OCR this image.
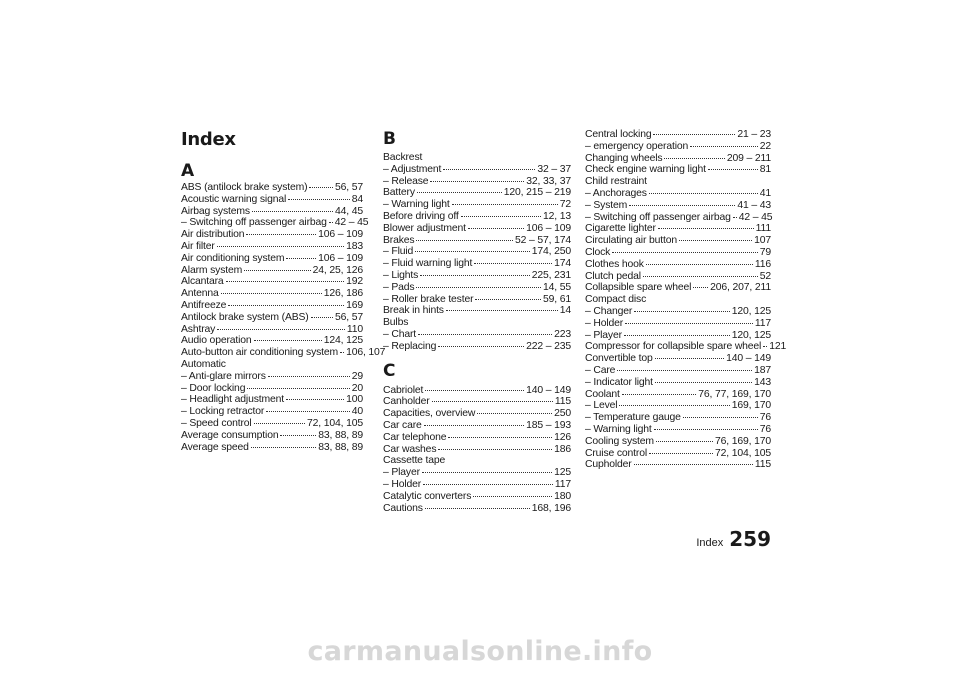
Index
A
ABS (antilock brake system)	56, 57
Acoustic warning signal	84
Airbag systems	44, 45
– Switching off passenger airbag 42 – 45
Air distribution	106 – 109
Air filter	183
Air conditioning system	106 – 109
Alarm system	24, 25, 126
Alcantara	192
Antenna	126, 186
Antifreeze	169
Antilock brake system (ABS)	56, 57
Ashtray	110
Audio operation	124, 125
Auto-button air conditioning system 106, 107
Automatic
– Anti-glare mirrors	29
– Door locking	20
– Headlight adjustment	100
– Locking retractor	40
– Speed control	72, 104, 105
Average consumption	83, 88, 89
Average speed	83, 88, 89
B
Backrest
– Adjustment	32 – 37
– Release	32, 33, 37
Battery	120, 215 – 219
– Warning light	72
Before driving off	12, 13
Blower adjustment	106 – 109
Brakes	52 – 57, 174
– Fluid	174, 250
– Fluid warning light	174
– Lights	225, 231
– Pads	14, 55
– Roller brake tester	59, 61
Break in hints	14
Bulbs
– Chart	223
– Replacing	222 – 235
C
Cabriolet	140 – 149
Canholder	115
Capacities, overview	250
Car care	185 – 193
Car telephone	126
Car washes	186
Cassette tape
– Player	125
– Holder	117
Catalytic converters	180
Cautions	168, 196
Central locking	21 – 23
– emergency operation	22
Changing wheels	209 – 211
Check engine warning light	81
Child restraint
– Anchorages	41
– System	41 – 43
– Switching off passenger airbag 42 – 45
Cigarette lighter	111
Circulating air button	107
Clock	79
Clothes hook	116
Clutch pedal	52
Collapsible spare wheel 206, 207, 211
Compact disc
– Changer	120, 125
– Holder	117
– Player	120, 125
Compressor for collapsible spare wheel 121
Convertible top	140 – 149
– Care	187
– Indicator light	143
Coolant	76, 77, 169, 170
– Level	169, 170
– Temperature gauge	76
– Warning light	76
Cooling system	76, 169, 170
Cruise control	72, 104, 105
Cupholder	115
Index 259
carmanualsonline.info
